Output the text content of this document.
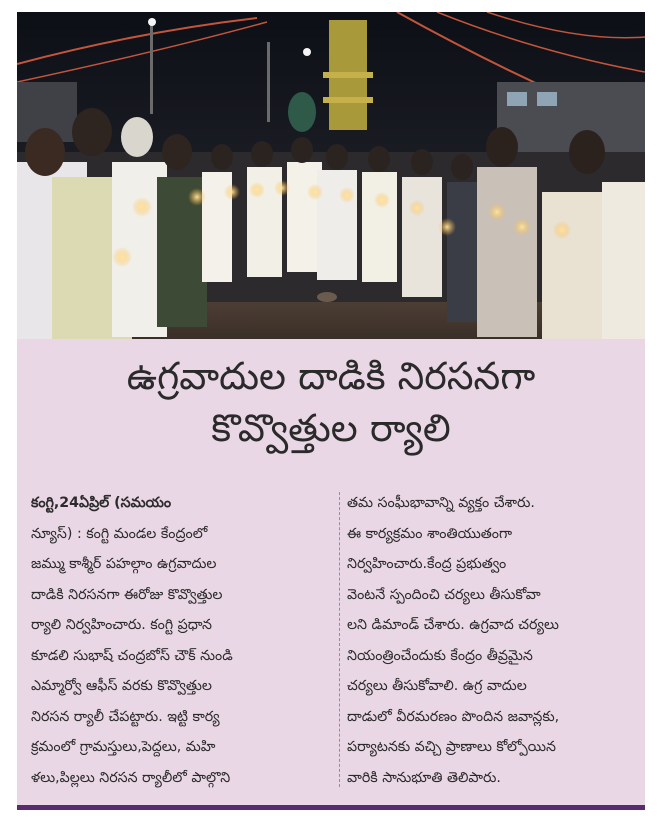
ఉగ్రవాదుల దాడికి నిరసనగా
కొవ్వొత్తుల ర్యాలి

కంగ్టి,24ఏప్రిల్ (సమయం

న్యూస్) : కంగ్టి మండల కేంద్రంలో

జమ్ము కాశ్మీర్ పహల్గాం ఉగ్రవాదుల

దాడికి నిరసనగా ఈరోజు కొవ్వొత్తుల

ర్యాలి నిర్వహించారు. కంగ్టి ప్రధాన

కూడలి సుభాష్ చంద్రబోస్ చౌక్ నుండి

ఎమ్మార్వో ఆఫీస్ వరకు కొవ్వొత్తుల

నిరసన ర్యాలీ చేపట్టారు. ఇట్టి కార్య

క్రమంలో గ్రామస్తులు,పెద్దలు, మహి

ళలు,పిల్లలు నిరసన ర్యాలీలో పాల్గొని

తమ సంఘీభావాన్ని వ్యక్తం చేశారు.

ఈ కార్యక్రమం శాంతియుతంగా

నిర్వహించారు.కేంద్ర ప్రభుత్వం

వెంటనే స్పందించి చర్యలు తీసుకోవా

లని డిమాండ్ చేశారు. ఉగ్రవాద చర్యలు

నియంత్రించేందుకు కేంద్రం తీవ్రమైన

చర్యలు తీసుకోవాలి. ఉగ్ర వాదుల

దాడులో వీరమరణం పొందిన జవాన్లకు,

పర్యాటనకు వచ్చి ప్రాణాలు కోల్పోయిన

వారికి సానుభూతి తెలిపారు.
